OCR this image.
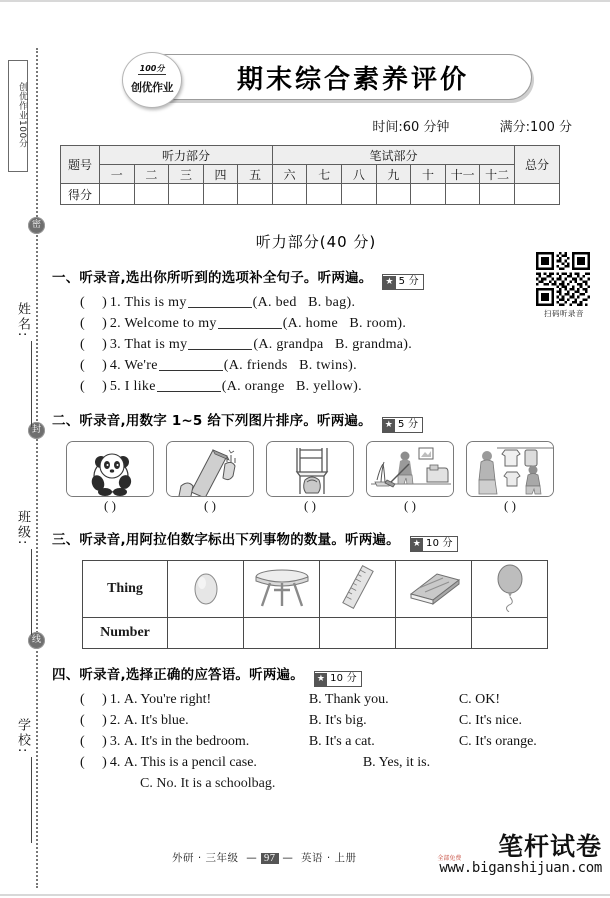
创优作业100分
密
封
线
姓名:
班级:
学校:
期末综合素养评价
100分
创优作业
时间:60 分钟	满分:100 分
题号	听力部分					笔试部分							总分
	一	二	三	四	五	六	七	八	九	十	十一	十二	
得分													
听力部分(40 分)
扫码听录音
一、听录音,选出你所听到的选项补全句子。听两遍。 ★ 5 分
(     ) 1. This is my	(A. bed B. bag).
(     ) 2. Welcome to my	(A. home B. room).
(     ) 3. That is my	(A. grandpa B. grandma).
(     ) 4. We're	(A. friends B. twins).
(     ) 5. I like	(A. orange B. yellow).
二、听录音,用数字 1~5 给下列图片排序。听两遍。 ★ 5 分
( )	( )	( )	( )	( )
三、听录音,用阿拉伯数字标出下列事物的数量。听两遍。 ★ 10 分
Thing					
Number					
四、听录音,选择正确的应答语。听两遍。 ★ 10 分
(     ) 1. A. You're right!	B. Thank you.	C. OK!
(     ) 2. A. It's blue.	B. It's big.	C. It's nice.
(     ) 3. A. It's in the bedroom.	B. It's a cat.	C. It's orange.
(     ) 4. A. This is a pencil case.	B. Yes, it is.
C. No. It is a schoolbag.
外研 · 三年级  — 97 —  英语 · 上册	全部免费	笔杆试卷
www.biganshijuan.com
